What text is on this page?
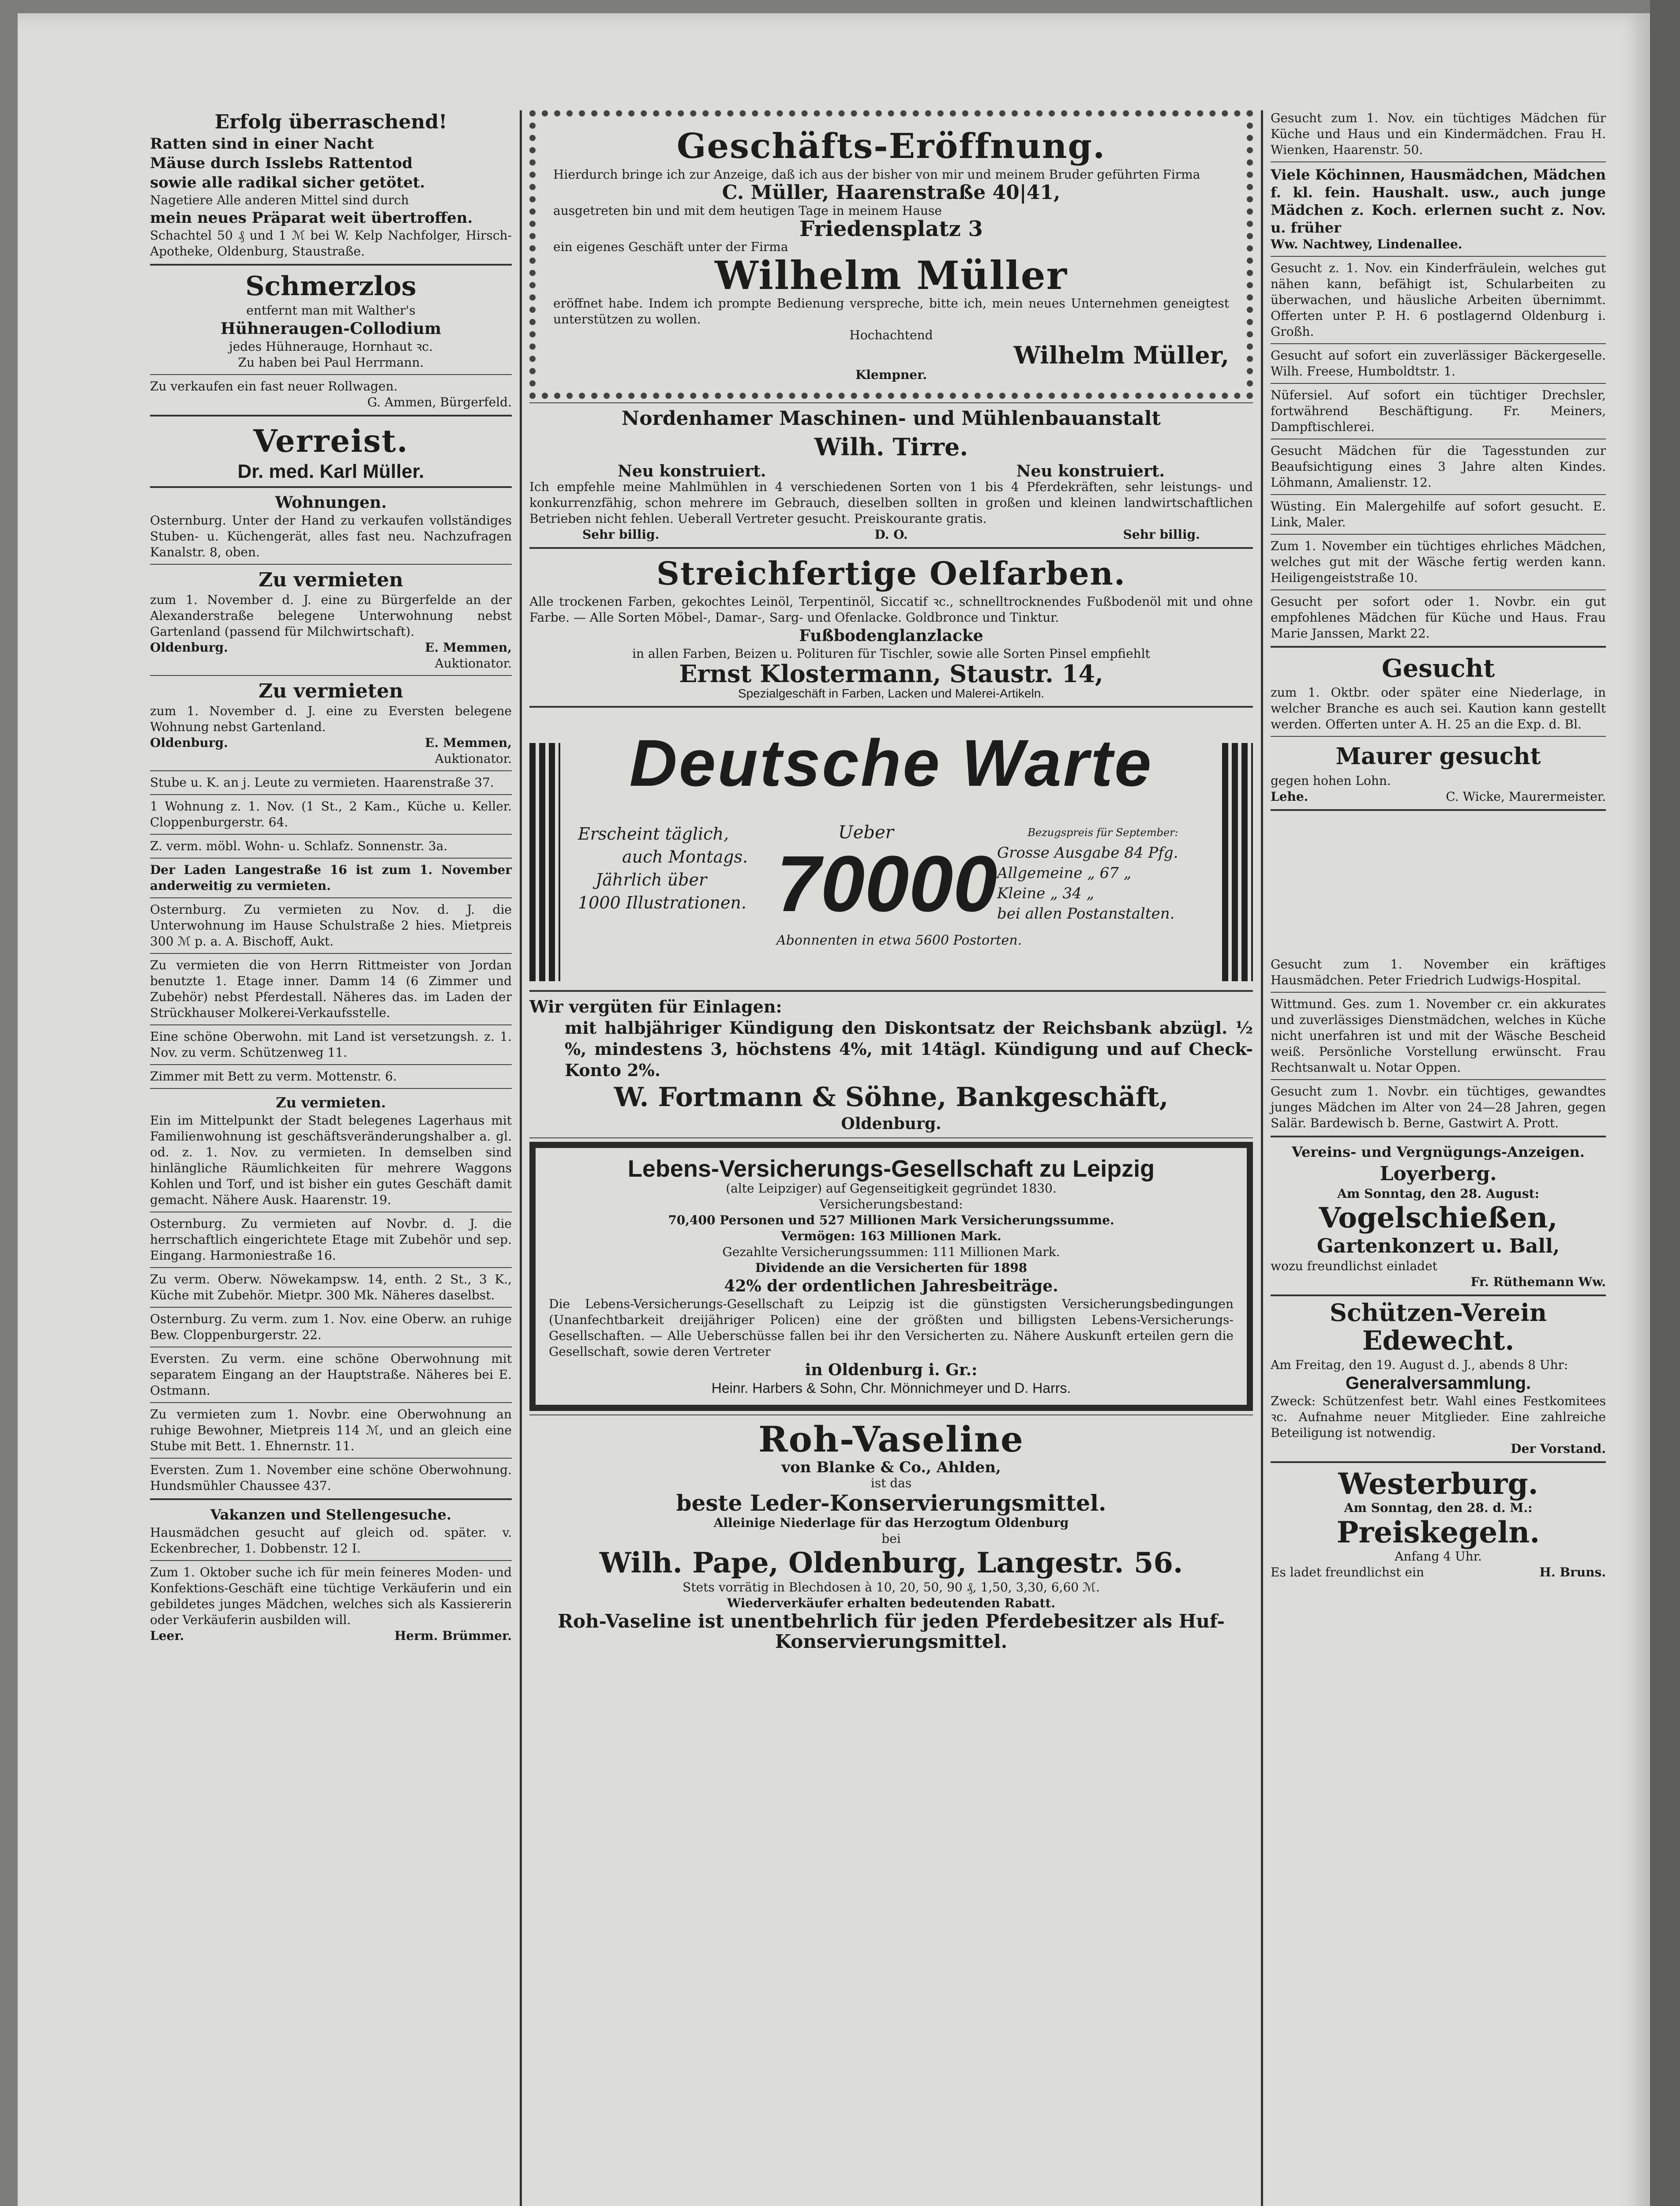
Erfolg überraschend!

Ratten sind in einer Nacht

Mäuse durch Isslebs Rattentod

sowie alle radikal sicher getötet.

Nagetiere Alle anderen Mittel sind durch

mein neues Präparat weit übertroffen.

Schachtel 50 ₰ und 1 ℳ bei W. Kelp Nachfolger, Hirsch-Apotheke, Oldenburg, Staustraße.

Schmerzlos

entfernt man mit Walther's

Hühneraugen-Collodium

jedes Hühnerauge, Hornhaut ꝛc.

Zu haben bei Paul Herrmann.

Zu verkaufen ein fast neuer Rollwagen.

G. Ammen, Bürgerfeld.

Verreist.

Dr. med. Karl Müller.

Wohnungen.

Osternburg. Unter der Hand zu verkaufen vollständiges Stuben- u. Küchengerät, alles fast neu. Nachzufragen Kanalstr. 8, oben.

Zu vermieten

zum 1. November d. J. eine zu Bürgerfelde an der Alexanderstraße belegene Unterwohnung nebst Gartenland (passend für Milchwirtschaft).

Oldenburg.	E. Memmen,

Auktionator.

Zu vermieten

zum 1. November d. J. eine zu Eversten belegene Wohnung nebst Gartenland.

Oldenburg.	E. Memmen,

Auktionator.

Stube u. K. an j. Leute zu vermieten. Haarenstraße 37.

1 Wohnung z. 1. Nov. (1 St., 2 Kam., Küche u. Keller. Cloppenburgerstr. 64.

Z. verm. möbl. Wohn- u. Schlafz. Sonnenstr. 3a.

Der Laden Langestraße 16 ist zum 1. November anderweitig zu vermieten.

Osternburg. Zu vermieten zu Nov. d. J. die Unterwohnung im Hause Schulstraße 2 hies. Mietpreis 300 ℳ p. a. A. Bischoff, Aukt.

Zu vermieten die von Herrn Rittmeister von Jordan benutzte 1. Etage inner. Damm 14 (6 Zimmer und Zubehör) nebst Pferdestall. Näheres das. im Laden der Strückhauser Molkerei-Verkaufsstelle.

Eine schöne Oberwohn. mit Land ist versetzungsh. z. 1. Nov. zu verm. Schützenweg 11.

Zimmer mit Bett zu verm. Mottenstr. 6.

Zu vermieten.

Ein im Mittelpunkt der Stadt belegenes Lagerhaus mit Familienwohnung ist geschäftsveränderungshalber a. gl. od. z. 1. Nov. zu vermieten. In demselben sind hinlängliche Räumlichkeiten für mehrere Waggons Kohlen und Torf, und ist bisher ein gutes Geschäft damit gemacht. Nähere Ausk. Haarenstr. 19.

Osternburg. Zu vermieten auf Novbr. d. J. die herrschaftlich eingerichtete Etage mit Zubehör und sep. Eingang. Harmoniestraße 16.

Zu verm. Oberw. Nöwekampsw. 14, enth. 2 St., 3 K., Küche mit Zubehör. Mietpr. 300 Mk. Näheres daselbst.

Osternburg. Zu verm. zum 1. Nov. eine Oberw. an ruhige Bew. Cloppenburgerstr. 22.

Eversten. Zu verm. eine schöne Oberwohnung mit separatem Eingang an der Hauptstraße. Näheres bei E. Ostmann.

Zu vermieten zum 1. Novbr. eine Oberwohnung an ruhige Bewohner, Mietpreis 114 ℳ, und an gleich eine Stube mit Bett. 1. Ehnernstr. 11.

Eversten. Zum 1. November eine schöne Oberwohnung. Hundsmühler Chaussee 437.

Vakanzen und Stellengesuche.

Hausmädchen gesucht auf gleich od. später. v. Eckenbrecher, 1. Dobbenstr. 12 I.

Zum 1. Oktober suche ich für mein feineres Moden- und Konfektions-Geschäft eine tüchtige Verkäuferin und ein gebildetes junges Mädchen, welches sich als Kassiererin oder Verkäuferin ausbilden will.

Leer.	Herm. Brümmer.

Geschäfts-Eröffnung.

Hierdurch bringe ich zur Anzeige, daß ich aus der bisher von mir und meinem Bruder geführten Firma

C. Müller, Haarenstraße 40|41,

ausgetreten bin und mit dem heutigen Tage in meinem Hause

Friedensplatz 3

ein eigenes Geschäft unter der Firma

Wilhelm Müller

eröffnet habe. Indem ich prompte Bedienung verspreche, bitte ich, mein neues Unternehmen geneigtest unterstützen zu wollen.

Hochachtend

Wilhelm Müller,

Klempner.

Nordenhamer Maschinen- und Mühlenbauanstalt

Wilh. Tirre.

Neu konstruiert.	Neu konstruiert.

Ich empfehle meine Mahlmühlen in 4 verschiedenen Sorten von 1 bis 4 Pferdekräften, sehr leistungs- und konkurrenzfähig, schon mehrere im Gebrauch, dieselben sollten in großen und kleinen landwirtschaftlichen Betrieben nicht fehlen. Ueberall Vertreter gesucht. Preiskourante gratis.

Sehr billig.	D. O.	Sehr billig.

Streichfertige Oelfarben.

Alle trockenen Farben, gekochtes Leinöl, Terpentinöl, Siccatif ꝛc., schnelltrocknendes Fußbodenöl mit und ohne Farbe. — Alle Sorten Möbel-, Damar-, Sarg- und Ofenlacke. Goldbronce und Tinktur.

Fußbodenglanzlacke

in allen Farben, Beizen u. Polituren für Tischler, sowie alle Sorten Pinsel empfiehlt

Ernst Klostermann, Staustr. 14,

Spezialgeschäft in Farben, Lacken und Malerei-Artikeln.

Deutsche Warte

Erscheint täglich,

auch Montags.

Jährlich über

1000 Illustrationen.

Ueber

70000

Abonnenten in etwa 5600 Postorten.

Bezugspreis für September:

Grosse Ausgabe 84 Pfg.

Allgemeine „ 67 „

Kleine „ 34 „

bei allen Postanstalten.

Wir vergüten für Einlagen:

mit halbjähriger Kündigung den Diskontsatz der Reichsbank abzügl. ½ %, mindestens 3, höchstens 4%, mit 14tägl. Kündigung und auf Check-Konto 2%.

W. Fortmann & Söhne, Bankgeschäft,

Oldenburg.

Lebens-Versicherungs-Gesellschaft zu Leipzig

(alte Leipziger) auf Gegenseitigkeit gegründet 1830.

Versicherungsbestand:

70,400 Personen und 527 Millionen Mark Versicherungssumme.

Vermögen: 163 Millionen Mark.

Gezahlte Versicherungssummen: 111 Millionen Mark.

Dividende an die Versicherten für 1898

42% der ordentlichen Jahresbeiträge.

Die Lebens-Versicherungs-Gesellschaft zu Leipzig ist die günstigsten Versicherungsbedingungen (Unanfechtbarkeit dreijähriger Policen) eine der größten und billigsten Lebens-Versicherungs-Gesellschaften. — Alle Ueberschüsse fallen bei ihr den Versicherten zu. Nähere Auskunft erteilen gern die Gesellschaft, sowie deren Vertreter

in Oldenburg i. Gr.:

Heinr. Harbers & Sohn, Chr. Mönnichmeyer und D. Harrs.

Roh-Vaseline

von Blanke & Co., Ahlden,

ist das

beste Leder-Konservierungsmittel.

Alleinige Niederlage für das Herzogtum Oldenburg

bei

Wilh. Pape, Oldenburg, Langestr. 56.

Stets vorrätig in Blechdosen à 10, 20, 50, 90 ₰, 1,50, 3,30, 6,60 ℳ.

Wiederverkäufer erhalten bedeutenden Rabatt.

Roh-Vaseline ist unentbehrlich für jeden Pferdebesitzer als Huf-Konservierungsmittel.

Gesucht zum 1. Nov. ein tüchtiges Mädchen für Küche und Haus und ein Kindermädchen. Frau H. Wienken, Haarenstr. 50.

Viele Köchinnen, Hausmädchen, Mädchen f. kl. fein. Haushalt. usw., auch junge Mädchen z. Koch. erlernen sucht z. Nov. u. früher

Ww. Nachtwey, Lindenallee.

Gesucht z. 1. Nov. ein Kinderfräulein, welches gut nähen kann, befähigt ist, Schularbeiten zu überwachen, und häusliche Arbeiten übernimmt. Offerten unter P. H. 6 postlagernd Oldenburg i. Großh.

Gesucht auf sofort ein zuverlässiger Bäckergeselle. Wilh. Freese, Humboldtstr. 1.

Nüfersiel. Auf sofort ein tüchtiger Drechsler, fortwährend Beschäftigung. Fr. Meiners, Dampftischlerei.

Gesucht Mädchen für die Tagesstunden zur Beaufsichtigung eines 3 Jahre alten Kindes. Löhmann, Amalienstr. 12.

Wüsting. Ein Malergehilfe auf sofort gesucht. E. Link, Maler.

Zum 1. November ein tüchtiges ehrliches Mädchen, welches gut mit der Wäsche fertig werden kann. Heiligengeiststraße 10.

Gesucht per sofort oder 1. Novbr. ein gut empfohlenes Mädchen für Küche und Haus. Frau Marie Janssen, Markt 22.

Gesucht

zum 1. Oktbr. oder später eine Niederlage, in welcher Branche es auch sei. Kaution kann gestellt werden. Offerten unter A. H. 25 an die Exp. d. Bl.

Maurer gesucht

gegen hohen Lohn.

Lehe.	C. Wicke, Maurermeister.

Gesucht zum 1. November ein kräftiges Hausmädchen. Peter Friedrich Ludwigs-Hospital.

Wittmund. Ges. zum 1. November cr. ein akkurates und zuverlässiges Dienstmädchen, welches in Küche nicht unerfahren ist und mit der Wäsche Bescheid weiß. Persönliche Vorstellung erwünscht. Frau Rechtsanwalt u. Notar Oppen.

Gesucht zum 1. Novbr. ein tüchtiges, gewandtes junges Mädchen im Alter von 24—28 Jahren, gegen Salär. Bardewisch b. Berne, Gastwirt A. Prott.

Vereins- und Vergnügungs-Anzeigen.

Loyerberg.

Am Sonntag, den 28. August:

Vogelschießen,

Gartenkonzert u. Ball,

wozu freundlichst einladet

Fr. Rüthemann Ww.

Schützen-Verein

Edewecht.

Am Freitag, den 19. August d. J., abends 8 Uhr:

Generalversammlung.

Zweck: Schützenfest betr. Wahl eines Festkomitees ꝛc. Aufnahme neuer Mitglieder. Eine zahlreiche Beteiligung ist notwendig.

Der Vorstand.

Westerburg.

Am Sonntag, den 28. d. M.:

Preiskegeln.

Anfang 4 Uhr.

Es ladet freundlichst ein	H. Bruns.
